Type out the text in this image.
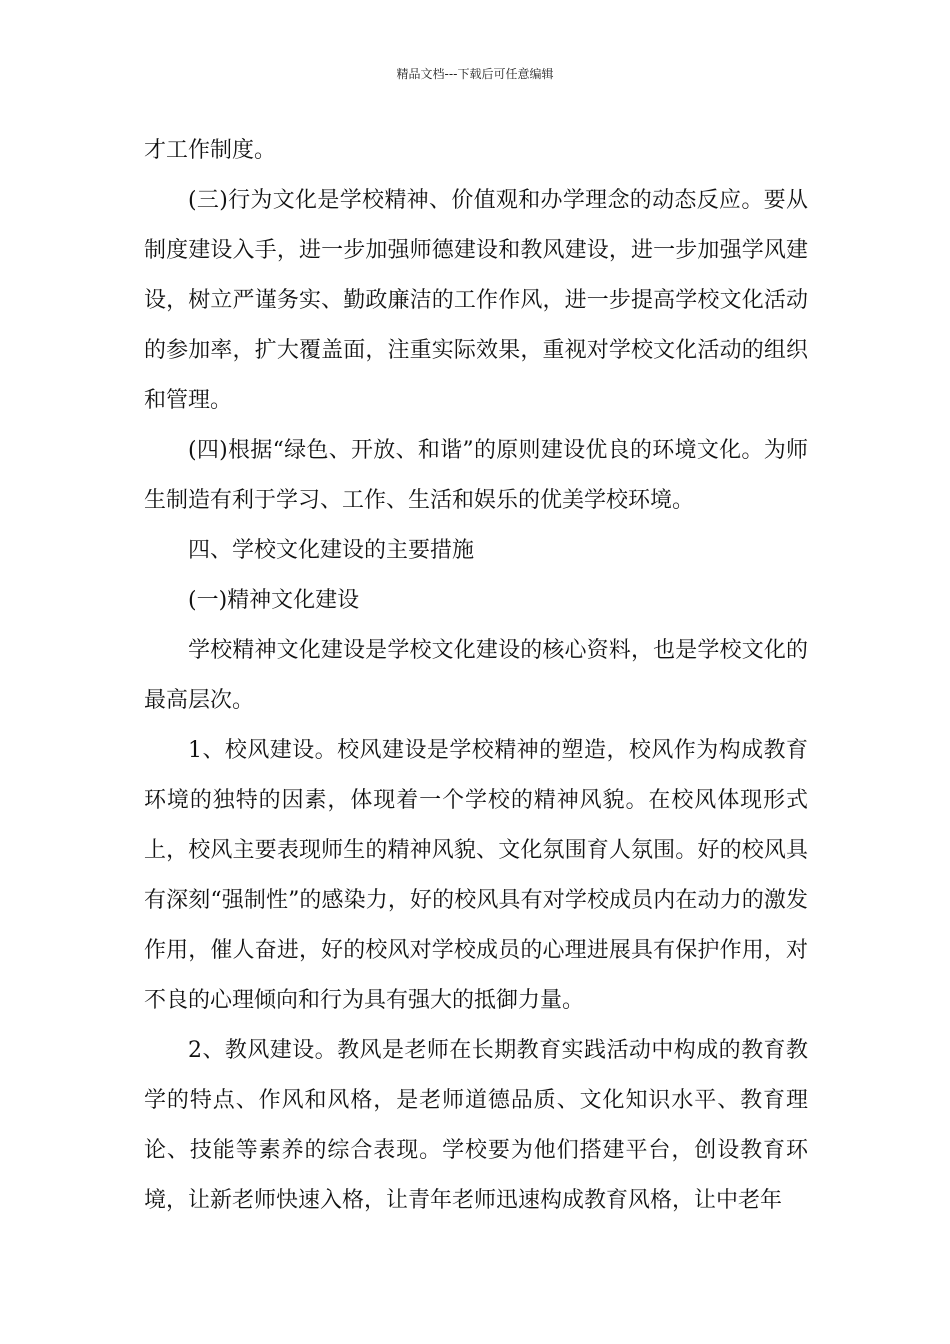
精品文档---下载后可任意编辑

才工作制度。

(三)行为文化是学校精神、价值观和办学理念的动态反应。要从制度建设入手，进一步加强师德建设和教风建设，进一步加强学风建设，树立严谨务实、勤政廉洁的工作作风，进一步提高学校文化活动的参加率，扩大覆盖面，注重实际效果，重视对学校文化活动的组织和管理。

(四)根据“绿色、开放、和谐”的原则建设优良的环境文化。为师生制造有利于学习、工作、生活和娱乐的优美学校环境。

四、学校文化建设的主要措施

(一)精神文化建设

学校精神文化建设是学校文化建设的核心资料，也是学校文化的最高层次。

1、校风建设。校风建设是学校精神的塑造，校风作为构成教育环境的独特的因素，体现着一个学校的精神风貌。在校风体现形式上，校风主要表现师生的精神风貌、文化氛围育人氛围。好的校风具有深刻“强制性”的感染力，好的校风具有对学校成员内在动力的激发作用，催人奋进，好的校风对学校成员的心理进展具有保护作用，对不良的心理倾向和行为具有强大的抵御力量。

2、教风建设。教风是老师在长期教育实践活动中构成的教育教学的特点、作风和风格，是老师道德品质、文化知识水平、教育理论、技能等素养的综合表现。学校要为他们搭建平台，创设教育环境，让新老师快速入格，让青年老师迅速构成教育风格，让中老年
